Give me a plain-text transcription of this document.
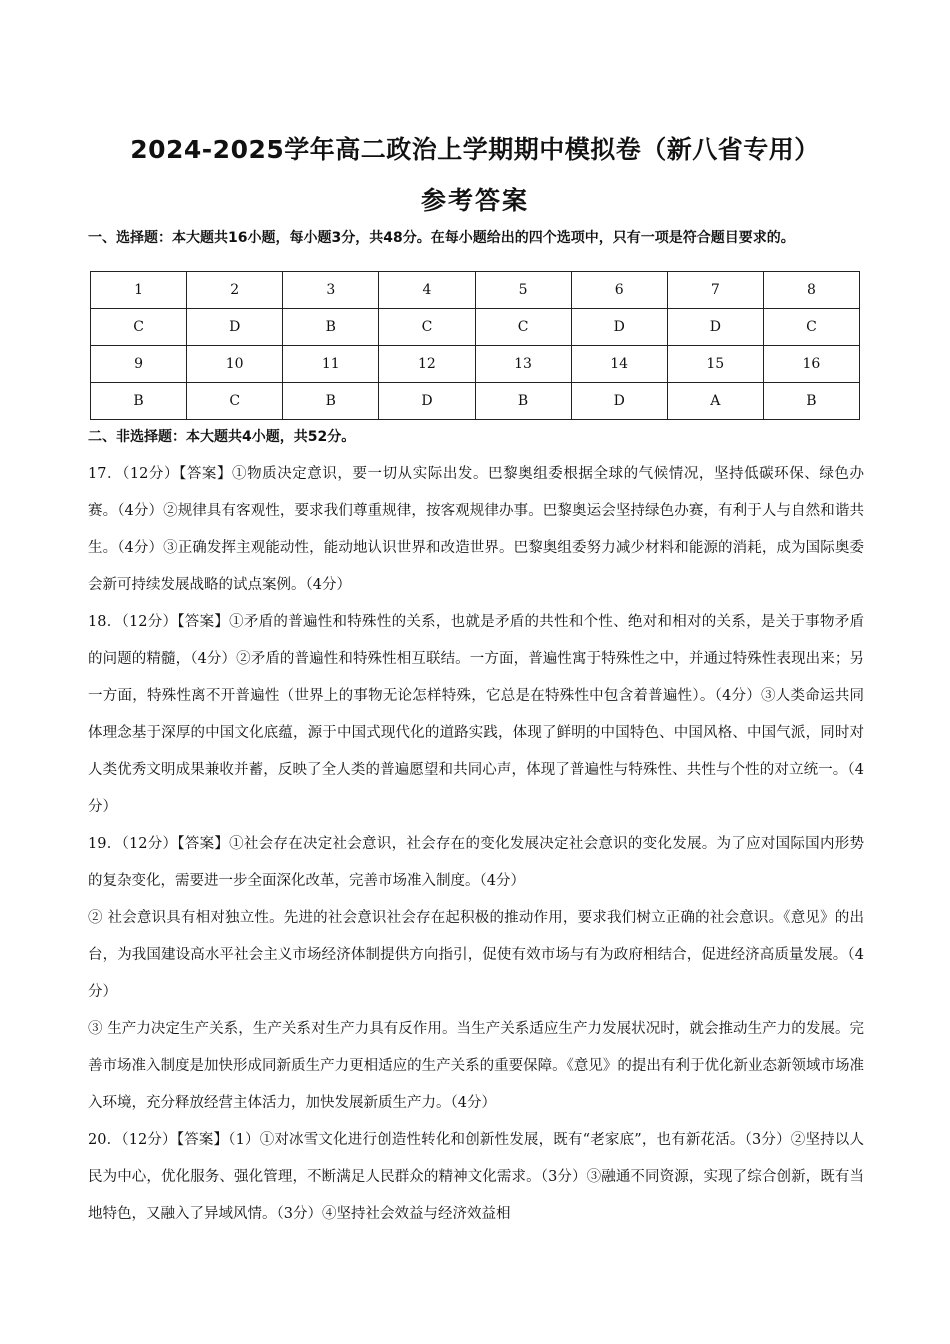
2024-2025学年高二政治上学期期中模拟卷（新八省专用）
参考答案
一、选择题：本大题共16小题，每小题3分，共48分。在每小题给出的四个选项中，只有一项是符合题目要求的。
1	2	3	4	5	6	7	8
C	D	B	C	C	D	D	C
9	10	11	12	13	14	15	16
B	C	B	D	B	D	A	B
二、非选择题：本大题共4小题，共52分。

17．（12分）【答案】①物质决定意识，要一切从实际出发。巴黎奥组委根据全球的气候情况，坚持低碳环保、绿色办赛。（4分）②规律具有客观性，要求我们尊重规律，按客观规律办事。巴黎奥运会坚持绿色办赛，有利于人与自然和谐共生。（4分）③正确发挥主观能动性，能动地认识世界和改造世界。巴黎奥组委努力减少材料和能源的消耗，成为国际奥委会新可持续发展战略的试点案例。（4分）

18．（12分）【答案】①矛盾的普遍性和特殊性的关系，也就是矛盾的共性和个性、绝对和相对的关系，是关于事物矛盾的问题的精髓，（4分）②矛盾的普遍性和特殊性相互联结。一方面，普遍性寓于特殊性之中，并通过特殊性表现出来；另一方面，特殊性离不开普遍性（世界上的事物无论怎样特殊，它总是在特殊性中包含着普遍性）。（4分）③人类命运共同体理念基于深厚的中国文化底蕴，源于中国式现代化的道路实践，体现了鲜明的中国特色、中国风格、中国气派，同时对人类优秀文明成果兼收并蓄，反映了全人类的普遍愿望和共同心声，体现了普遍性与特殊性、共性与个性的对立统一。（4分）

19．（12分）【答案】①社会存在决定社会意识，社会存在的变化发展决定社会意识的变化发展。为了应对国际国内形势的复杂变化，需要进一步全面深化改革，完善市场准入制度。（4分）

② 社会意识具有相对独立性。先进的社会意识社会存在起积极的推动作用，要求我们树立正确的社会意识。《意见》的出台，为我国建设高水平社会主义市场经济体制提供方向指引，促使有效市场与有为政府相结合，促进经济高质量发展。（4分）

③ 生产力决定生产关系，生产关系对生产力具有反作用。当生产关系适应生产力发展状况时，就会推动生产力的发展。完善市场准入制度是加快形成同新质生产力更相适应的生产关系的重要保障。《意见》的提出有利于优化新业态新领域市场准入环境，充分释放经营主体活力，加快发展新质生产力。（4分）

20．（12分）【答案】（1）①对冰雪文化进行创造性转化和创新性发展，既有“老家底”，也有新花活。（3分）②坚持以人民为中心，优化服务、强化管理，不断满足人民群众的精神文化需求。（3分）③融通不同资源，实现了综合创新，既有当地特色，又融入了异域风情。（3分）④坚持社会效益与经济效益相
